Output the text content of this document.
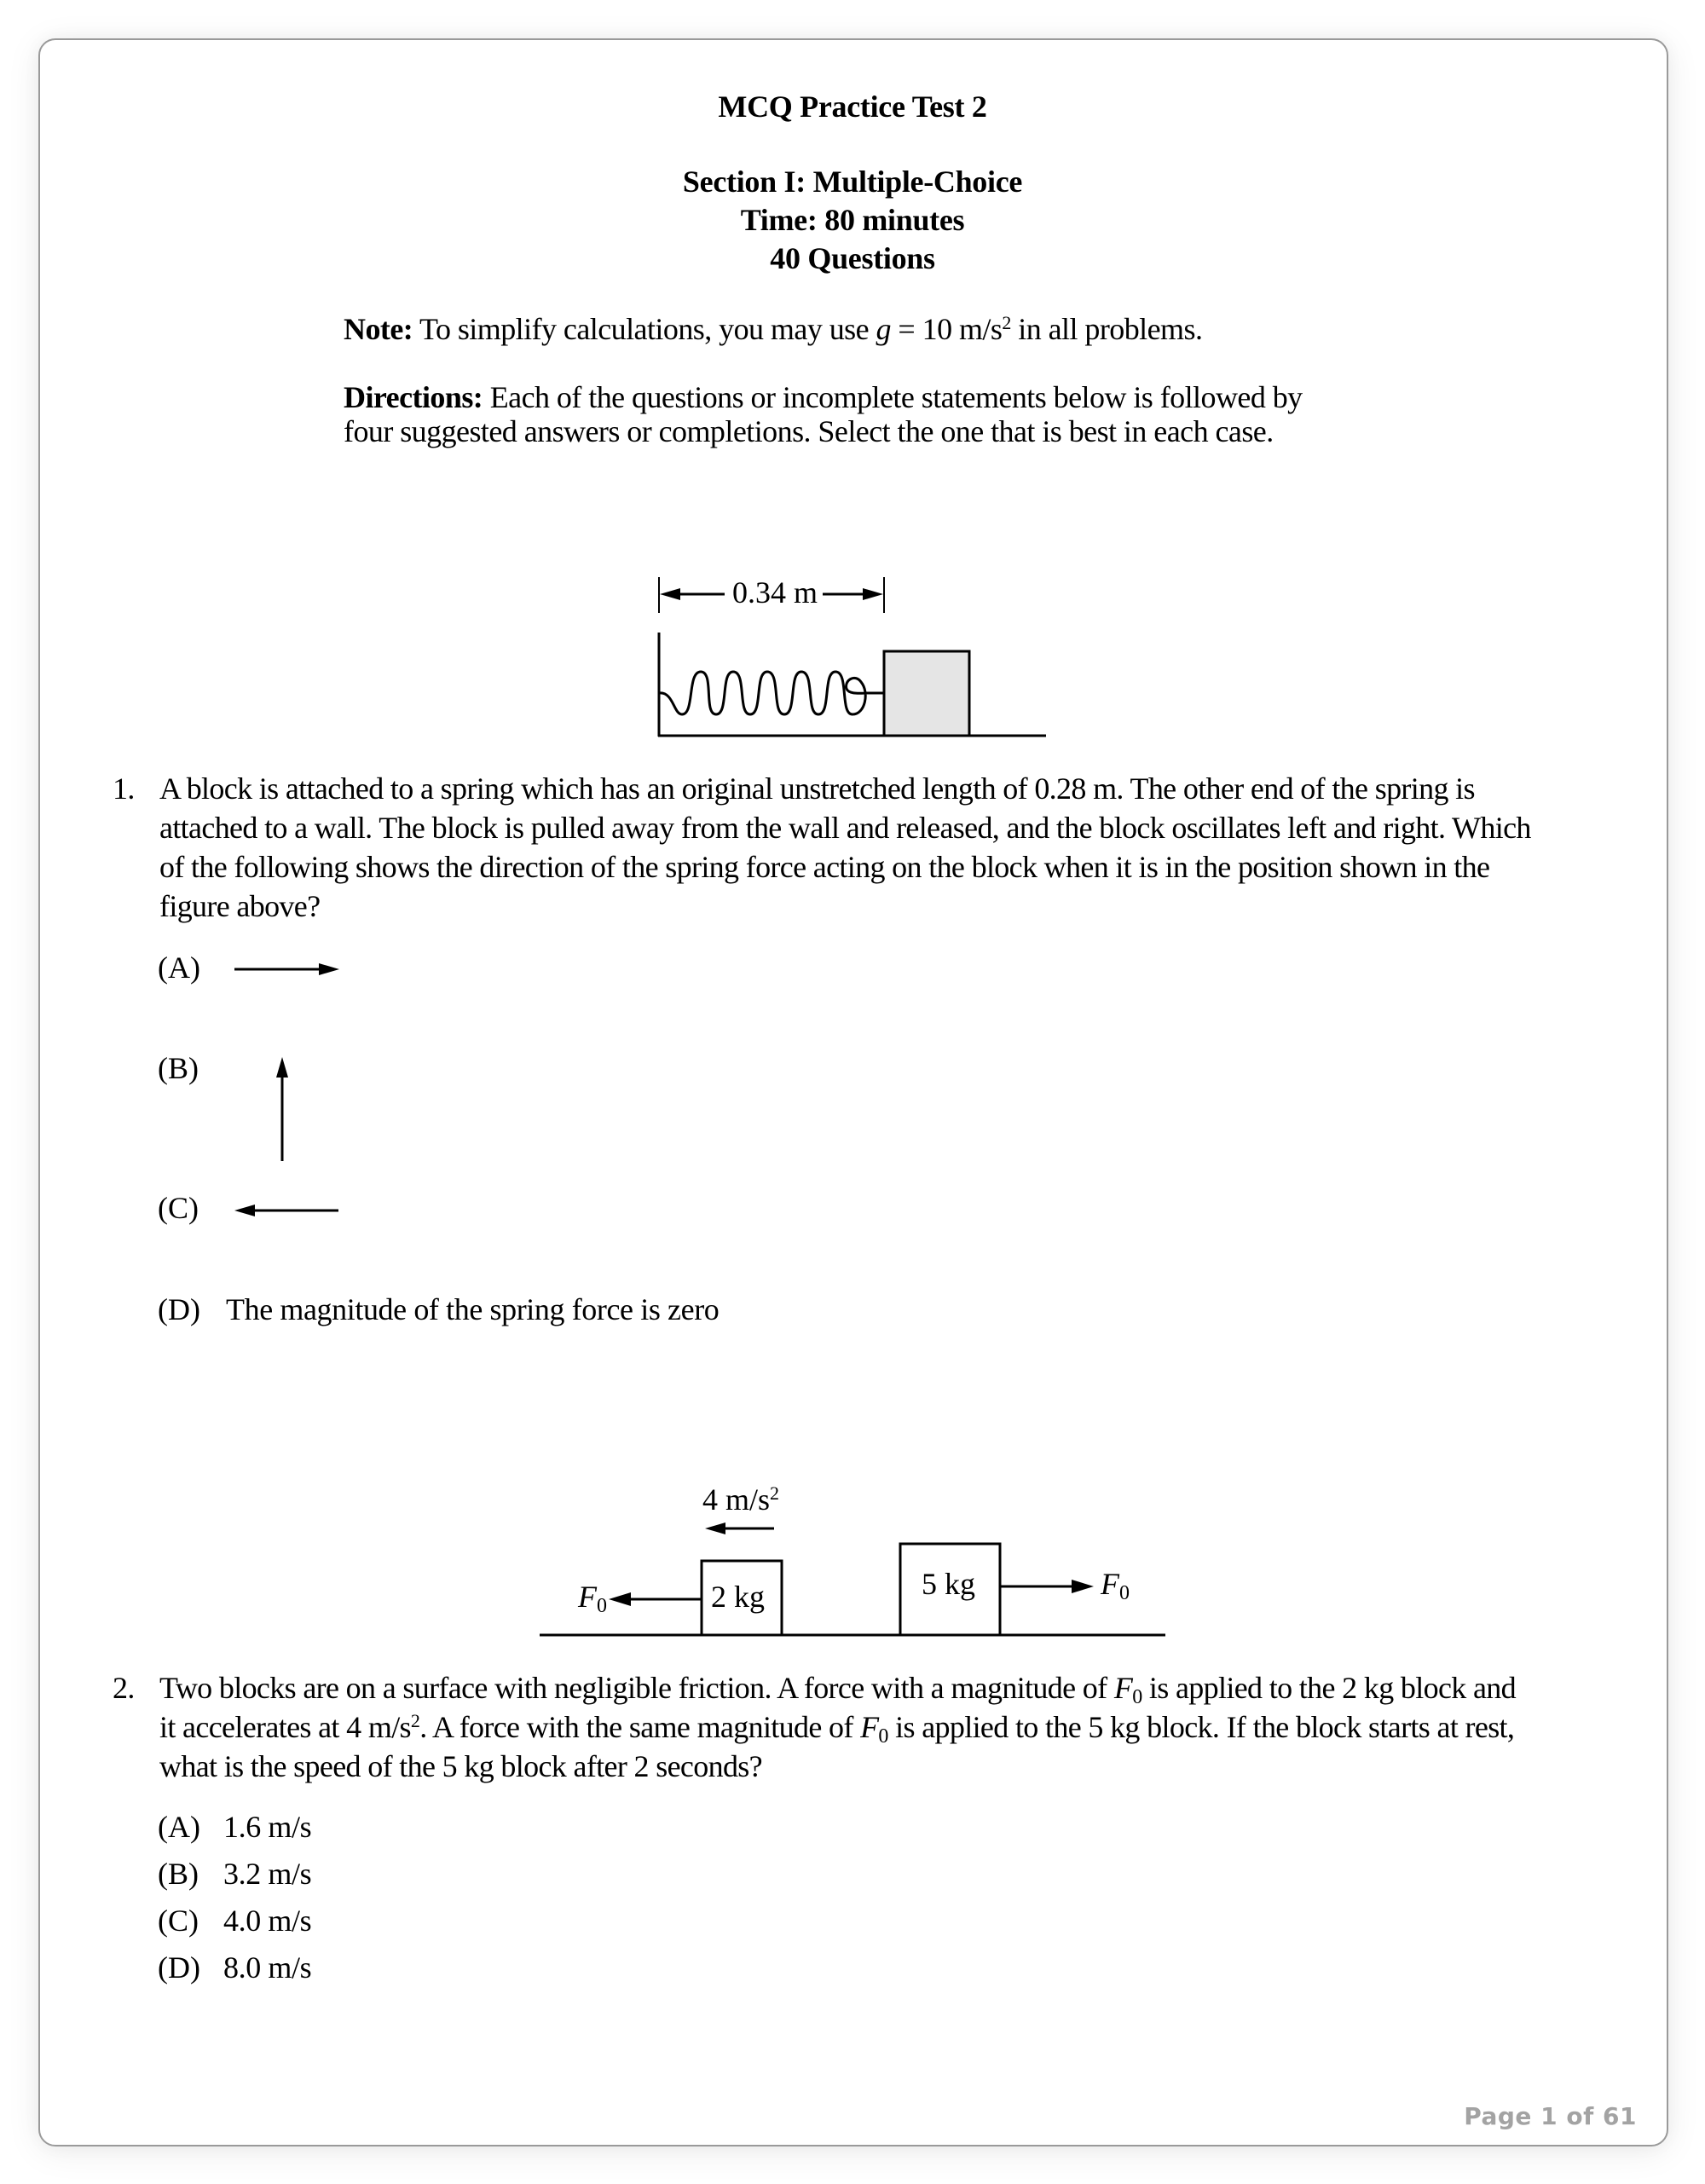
MCQ Practice Test 2
Section I: Multiple-Choice
Time: 80 minutes
40 Questions
Note: To simplify calculations, you may use g = 10 $m/s^2$ in all problems.
Directions: Each of the questions or incomplete statements below is followed by
four suggested answers or completions. Select the one that is best in each case.
0.34 m
1. A block is attached to a spring which has an original unstretched length of 0.28 m. The other end of the spring is
attached to a wall. The block is pulled away from the wall and released, and the block oscillates left and right. Which
of the following shows the direction of the spring force acting on the block when it is in the position shown in the
figure above?
(A)
(B)
(C)
(D) The magnitude of the spring force is zero
4 $m/s^2$
2 kg	5 kg
$F_0$
$F_0$
2. Two blocks are on a surface with negligible friction. A force with a magnitude of $F_0$ is applied to the 2 kg block and
it accelerates at 4 $m/s^2$. A force with the same magnitude of $F_0$ is applied to the 5 kg block. If the block starts at rest,
what is the speed of the 5 kg block after 2 seconds?
(A) 1.6 m/s
(B) 3.2 m/s
(C) 4.0 m/s
(D) 8.0 m/s
Page 1 of 61
